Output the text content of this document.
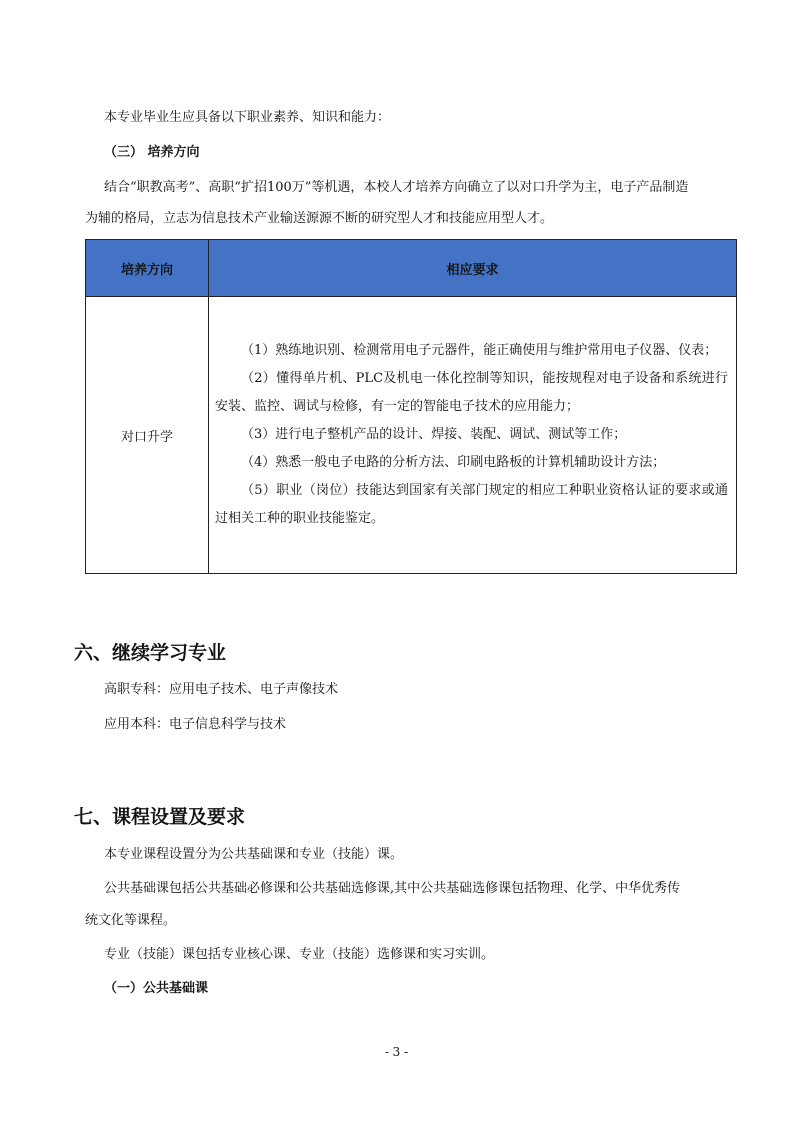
本专业毕业生应具备以下职业素养、知识和能力：
（三） 培养方向
结合“职教高考”、高职“扩招100万”等机遇，本校人才培养方向确立了以对口升学为主，电子产品制造
为辅的格局，立志为信息技术产业输送源源不断的研究型人才和技能应用型人才。
培养方向	相应要求
对口升学	（1）熟练地识别、检测常用电子元器件，能正确使用与维护常用电子仪器、仪表；
（2）懂得单片机、PLC及机电一体化控制等知识，能按规程对电子设备和系统进行安装、监控、调试与检修，有一定的智能电子技术的应用能力；
（3）进行电子整机产品的设计、焊接、装配、调试、测试等工作；
（4）熟悉一般电子电路的分析方法、印刷电路板的计算机辅助设计方法；
（5）职业（岗位）技能达到国家有关部门规定的相应工种职业资格认证的要求或通过相关工种的职业技能鉴定。
六、继续学习专业
高职专科：应用电子技术、电子声像技术
应用本科：电子信息科学与技术
七、课程设置及要求
本专业课程设置分为公共基础课和专业（技能）课。
公共基础课包括公共基础必修课和公共基础选修课,其中公共基础选修课包括物理、化学、中华优秀传
统文化等课程。
专业（技能）课包括专业核心课、专业（技能）选修课和实习实训。
（一）公共基础课
- 3 -
